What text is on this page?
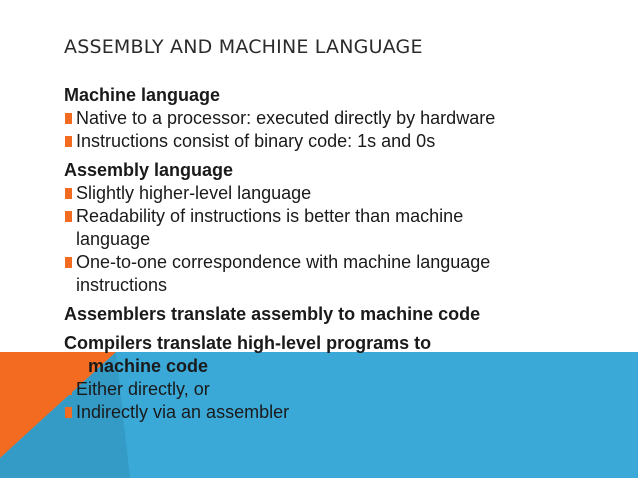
ASSEMBLY AND MACHINE LANGUAGE
Machine language
Native to a processor: executed directly by hardware
Instructions consist of binary code: 1s and 0s
Assembly language
Slightly higher-level language
Readability of instructions is better than machine
language
One-to-one correspondence with machine language
instructions
Assemblers translate assembly to machine code
Compilers translate high-level programs to
machine code
Either directly, or
Indirectly via an assembler
